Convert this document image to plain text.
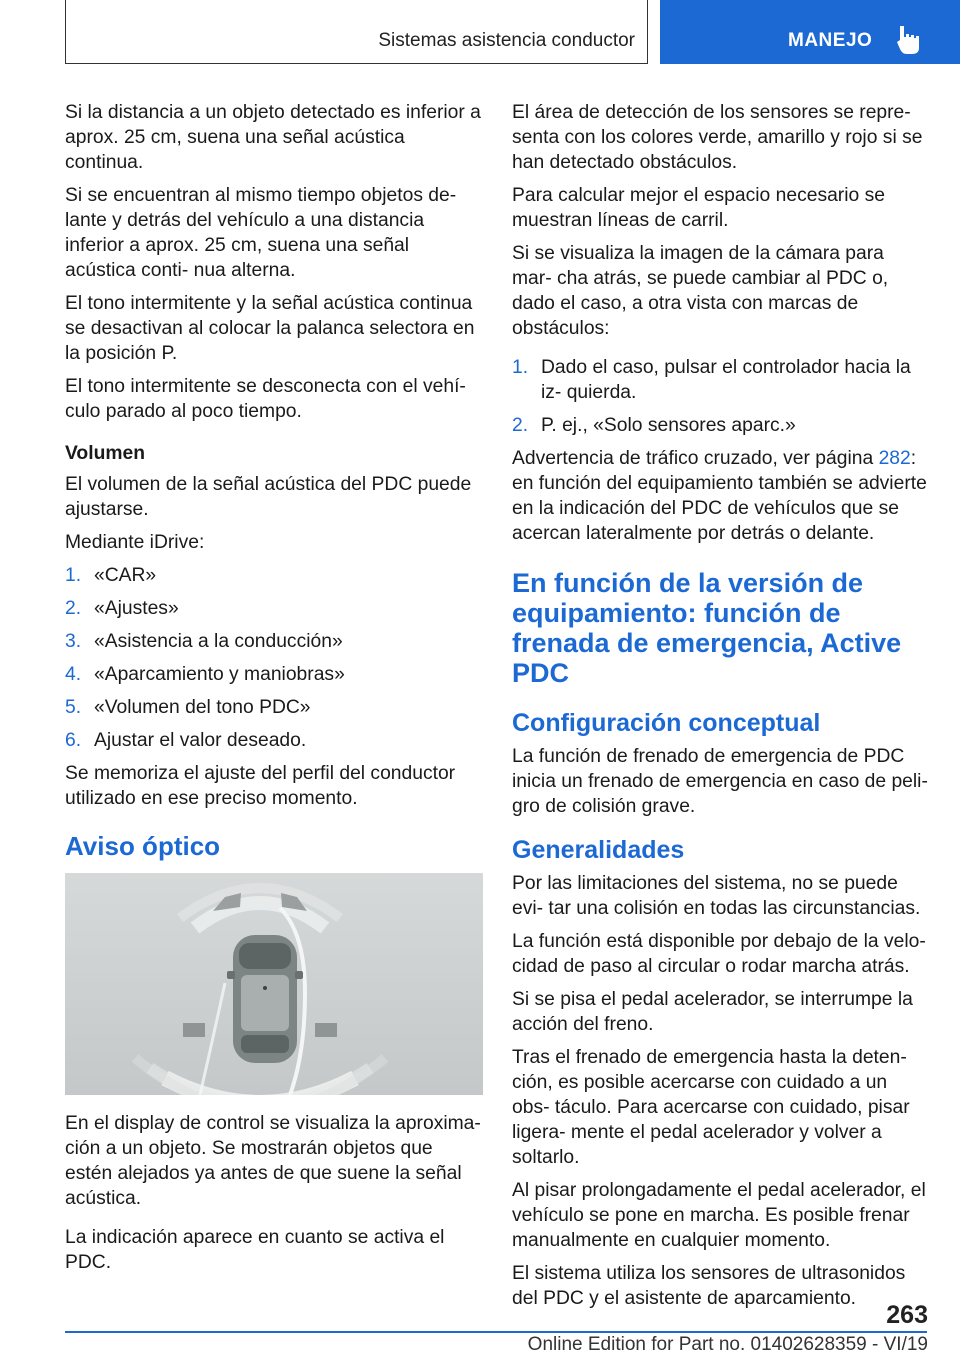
Sistemas asistencia conductor	MANEJO

Si la distancia a un objeto detectado es inferior a aprox. 25 cm, suena una señal acústica continua.

Si se encuentran al mismo tiempo objetos de- lante y detrás del vehículo a una distancia inferior a aprox. 25 cm, suena una señal acústica conti- nua alterna.

El tono intermitente y la señal acústica continua se desactivan al colocar la palanca selectora en la posición P.

El tono intermitente se desconecta con el vehí- culo parado al poco tiempo.

Volumen

El volumen de la señal acústica del PDC puede ajustarse.

Mediante iDrive:

1. «CAR»
2. «Ajustes»
3. «Asistencia a la conducción»
4. «Aparcamiento y maniobras»
5. «Volumen del tono PDC»
6. Ajustar el valor deseado.

Se memoriza el ajuste del perfil del conductor utilizado en ese preciso momento.

Aviso óptico

En el display de control se visualiza la aproxima- ción a un objeto. Se mostrarán objetos que estén alejados ya antes de que suene la señal acústica.

La indicación aparece en cuanto se activa el PDC.

El área de detección de los sensores se repre- senta con los colores verde, amarillo y rojo si se han detectado obstáculos.

Para calcular mejor el espacio necesario se muestran líneas de carril.

Si se visualiza la imagen de la cámara para mar- cha atrás, se puede cambiar al PDC o, dado el caso, a otra vista con marcas de obstáculos:

1. Dado el caso, pulsar el controlador hacia la iz- quierda.
2. P. ej., «Solo sensores aparc.»

Advertencia de tráfico cruzado, ver página 282: en función del equipamiento también se advierte en la indicación del PDC de vehículos que se acercan lateralmente por detrás o delante.

En función de la versión de equipamiento: función de frenada de emergencia, Active PDC
Configuración conceptual

La función de frenado de emergencia de PDC inicia un frenado de emergencia en caso de peli- gro de colisión grave.

Generalidades

Por las limitaciones del sistema, no se puede evi- tar una colisión en todas las circunstancias.

La función está disponible por debajo de la velo- cidad de paso al circular o rodar marcha atrás.

Si se pisa el pedal acelerador, se interrumpe la acción del freno.

Tras el frenado de emergencia hasta la deten- ción, es posible acercarse con cuidado a un obs- táculo. Para acercarse con cuidado, pisar ligera- mente el pedal acelerador y volver a soltarlo.

Al pisar prolongadamente el pedal acelerador, el vehículo se pone en marcha. Es posible frenar manualmente en cualquier momento.

El sistema utiliza los sensores de ultrasonidos del PDC y el asistente de aparcamiento.

263
Online Edition for Part no. 01402628359 - VI/19
